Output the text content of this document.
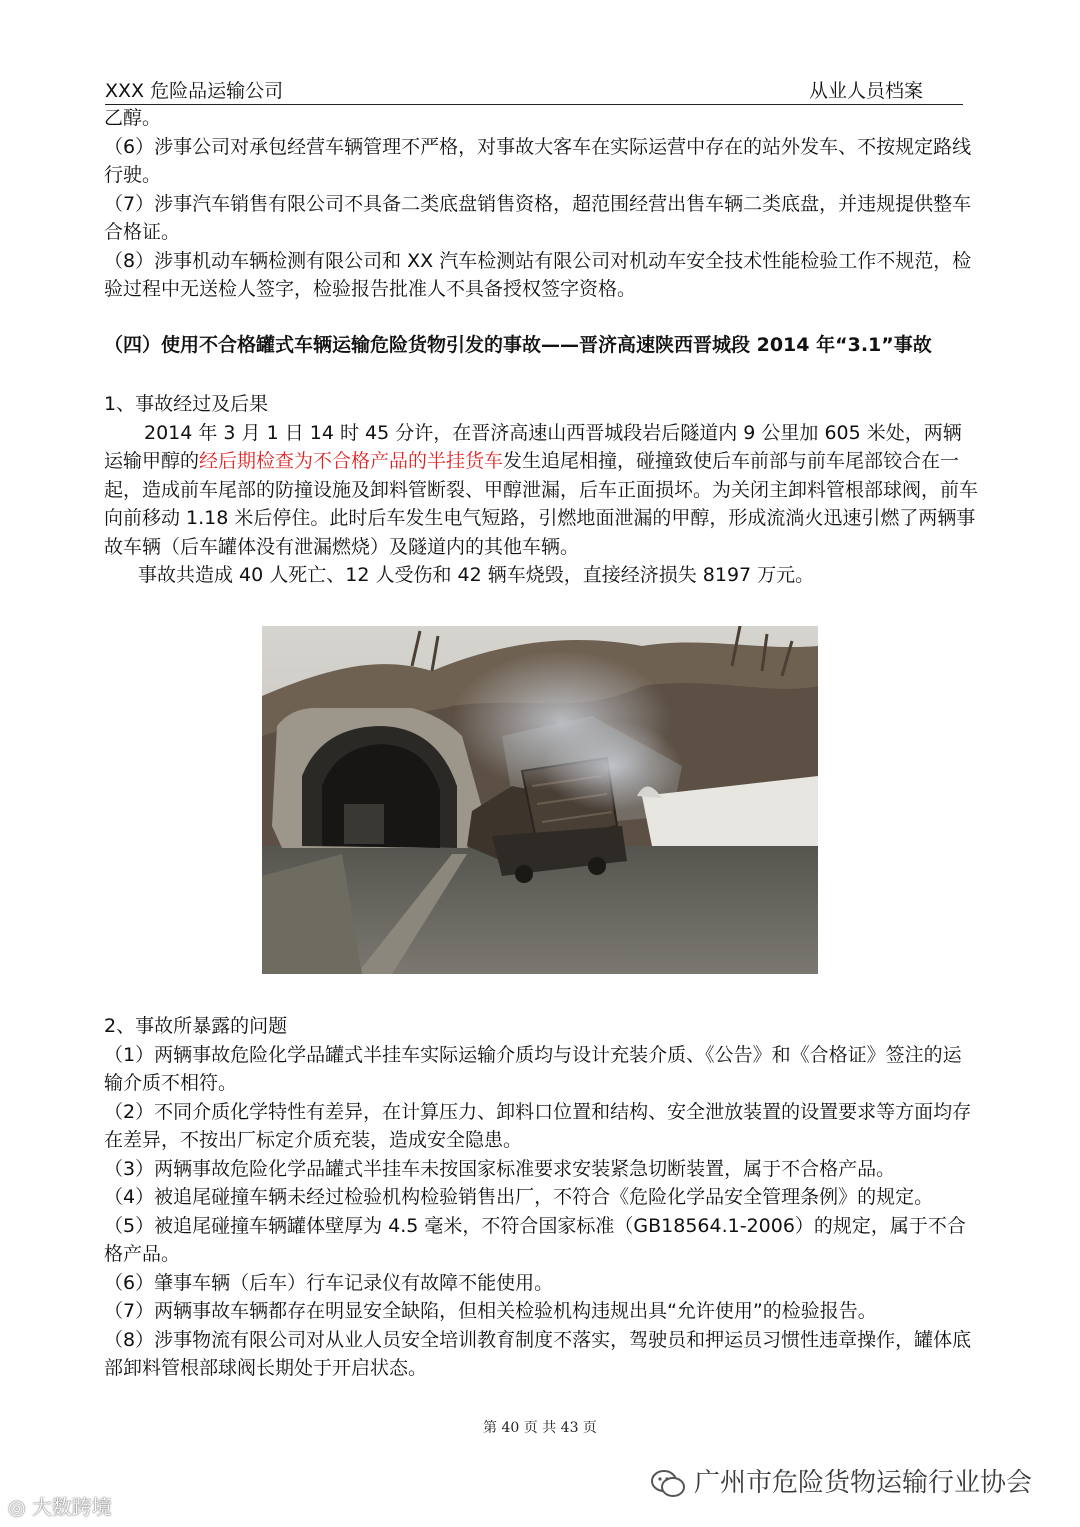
XXX 危险品运输公司	从业人员档案

乙醇。

（6）涉事公司对承包经营车辆管理不严格，对事故大客车在实际运营中存在的站外发车、不按规定路线行驶。

（7）涉事汽车销售有限公司不具备二类底盘销售资格，超范围经营出售车辆二类底盘，并违规提供整车合格证。

（8）涉事机动车辆检测有限公司和 XX 汽车检测站有限公司对机动车安全技术性能检验工作不规范，检验过程中无送检人签字，检验报告批准人不具备授权签字资格。

（四）使用不合格罐式车辆运输危险货物引发的事故——晋济高速陕西晋城段 2014 年“3.1”事故

1、事故经过及后果

2014 年 3 月 1 日 14 时 45 分许，在晋济高速山西晋城段岩后隧道内 9 公里加 605 米处，两辆运输甲醇的经后期检查为不合格产品的半挂货车发生追尾相撞，碰撞致使后车前部与前车尾部铰合在一起，造成前车尾部的防撞设施及卸料管断裂、甲醇泄漏，后车正面损坏。为关闭主卸料管根部球阀，前车向前移动 1.18 米后停住。此时后车发生电气短路，引燃地面泄漏的甲醇，形成流淌火迅速引燃了两辆事故车辆（后车罐体没有泄漏燃烧）及隧道内的其他车辆。

事故共造成 40 人死亡、12 人受伤和 42 辆车烧毁，直接经济损失 8197 万元。

2、事故所暴露的问题

（1）两辆事故危险化学品罐式半挂车实际运输介质均与设计充装介质、《公告》和《合格证》签注的运输介质不相符。

（2）不同介质化学特性有差异，在计算压力、卸料口位置和结构、安全泄放装置的设置要求等方面均存在差异，不按出厂标定介质充装，造成安全隐患。

（3）两辆事故危险化学品罐式半挂车未按国家标准要求安装紧急切断装置，属于不合格产品。

（4）被追尾碰撞车辆未经过检验机构检验销售出厂，不符合《危险化学品安全管理条例》的规定。

（5）被追尾碰撞车辆罐体壁厚为 4.5 毫米，不符合国家标准（GB18564.1-2006）的规定，属于不合格产品。

（6）肇事车辆（后车）行车记录仪有故障不能使用。

（7）两辆事故车辆都存在明显安全缺陷，但相关检验机构违规出具“允许使用”的检验报告。

（8）涉事物流有限公司对从业人员安全培训教育制度不落实，驾驶员和押运员习惯性违章操作，罐体底部卸料管根部球阀长期处于开启状态。

第 40 页 共 43 页
广州市危险货物运输行业协会
◎ 大数跨境
